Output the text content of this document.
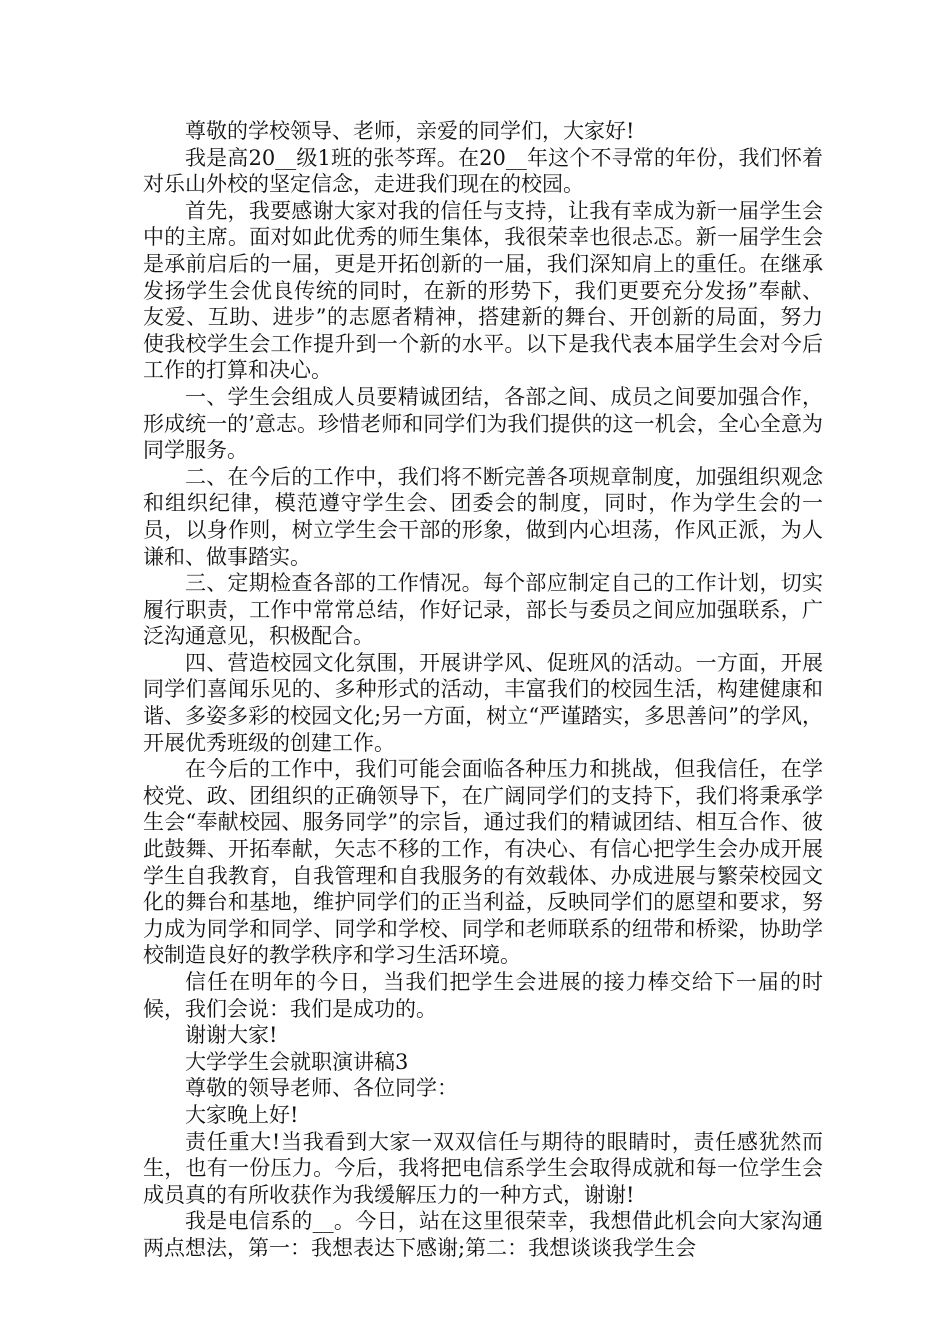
尊敬的学校领导、老师，亲爱的同学们，大家好!

我是高20__级1班的张芩珲。在20__年这个不寻常的年份，我们怀着对乐山外校的坚定信念，走进我们现在的校园。

首先，我要感谢大家对我的信任与支持，让我有幸成为新一届学生会中的主席。面对如此优秀的师生集体，我很荣幸也很忐忑。新一届学生会是承前启后的一届，更是开拓创新的一届，我们深知肩上的重任。在继承发扬学生会优良传统的同时，在新的形势下，我们更要充分发扬”奉献、友爱、互助、进步”的志愿者精神，搭建新的舞台、开创新的局面，努力使我校学生会工作提升到一个新的水平。以下是我代表本届学生会对今后工作的打算和决心。

一、学生会组成人员要精诚团结，各部之间、成员之间要加强合作，形成统一的’意志。珍惜老师和同学们为我们提供的这一机会，全心全意为同学服务。

二、在今后的工作中，我们将不断完善各项规章制度，加强组织观念和组织纪律，模范遵守学生会、团委会的制度，同时，作为学生会的一员，以身作则，树立学生会干部的形象，做到内心坦荡，作风正派，为人谦和、做事踏实。

三、定期检查各部的工作情况。每个部应制定自己的工作计划，切实履行职责，工作中常常总结，作好记录，部长与委员之间应加强联系，广泛沟通意见，积极配合。

四、营造校园文化氛围，开展讲学风、促班风的活动。一方面，开展同学们喜闻乐见的、多种形式的活动，丰富我们的校园生活，构建健康和谐、多姿多彩的校园文化;另一方面，树立“严谨踏实，多思善问”的学风，开展优秀班级的创建工作。

在今后的工作中，我们可能会面临各种压力和挑战，但我信任，在学校党、政、团组织的正确领导下，在广阔同学们的支持下，我们将秉承学生会“奉献校园、服务同学”的宗旨，通过我们的精诚团结、相互合作、彼此鼓舞、开拓奉献，矢志不移的工作，有决心、有信心把学生会办成开展学生自我教育，自我管理和自我服务的有效载体、办成进展与繁荣校园文化的舞台和基地，维护同学们的正当利益，反映同学们的愿望和要求，努力成为同学和同学、同学和学校、同学和老师联系的纽带和桥梁，协助学校制造良好的教学秩序和学习生活环境。

信任在明年的今日，当我们把学生会进展的接力棒交给下一届的时候，我们会说：我们是成功的。

谢谢大家!

大学学生会就职演讲稿3

尊敬的领导老师、各位同学：

大家晚上好!

责任重大!当我看到大家一双双信任与期待的眼睛时，责任感犹然而生，也有一份压力。今后，我将把电信系学生会取得成就和每一位学生会成员真的有所收获作为我缓解压力的一种方式，谢谢!

我是电信系的__。今日，站在这里很荣幸，我想借此机会向大家沟通两点想法，第一：我想表达下感谢;第二：我想谈谈我学生会
